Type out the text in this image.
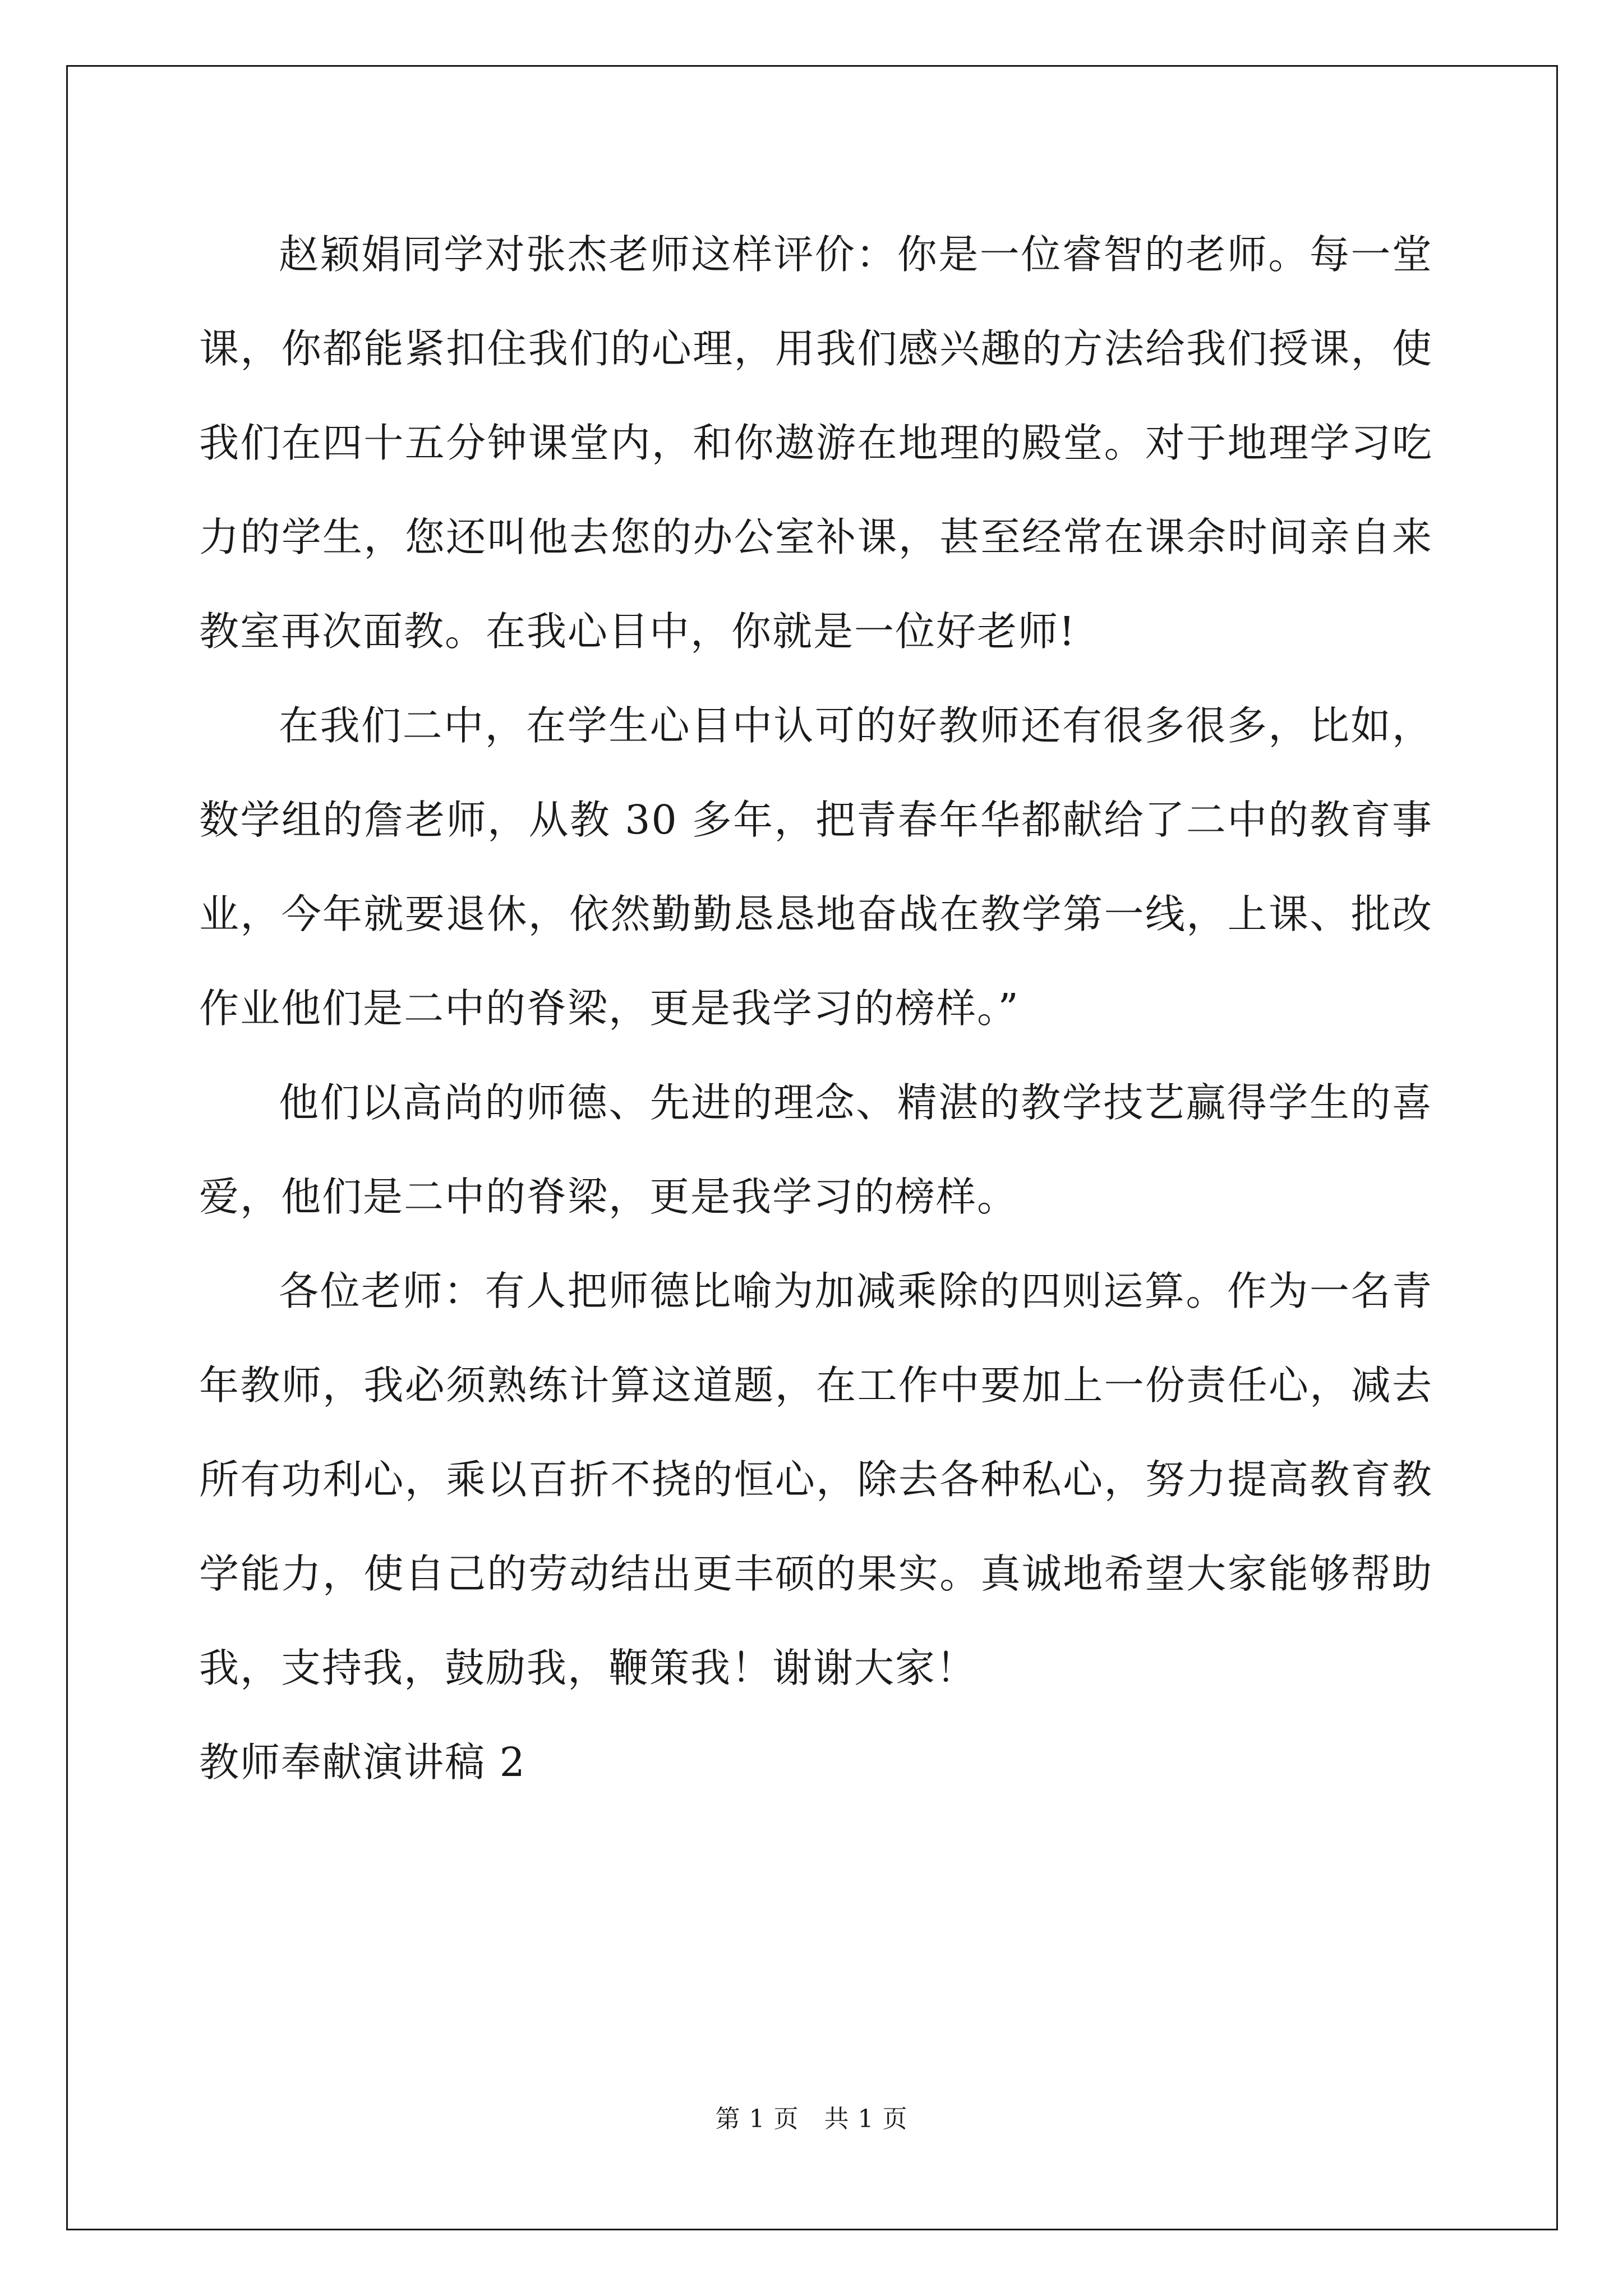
赵颖娟同学对张杰老师这样评价：你是一位睿智的老师。每一堂课，你都能紧扣住我们的心理，用我们感兴趣的方法给我们授课，使我们在四十五分钟课堂内，和你遨游在地理的殿堂。对于地理学习吃力的学生，您还叫他去您的办公室补课，甚至经常在课余时间亲自来教室再次面教。在我心目中，你就是一位好老师!

在我们二中，在学生心目中认可的好教师还有很多很多，比如，数学组的詹老师，从教 30 多年，把青春年华都献给了二中的教育事业，今年就要退休，依然勤勤恳恳地奋战在教学第一线，上课、批改作业他们是二中的脊梁，更是我学习的榜样。”

他们以高尚的师德、先进的理念、精湛的教学技艺赢得学生的喜爱，他们是二中的脊梁，更是我学习的榜样。

各位老师：有人把师德比喻为加减乘除的四则运算。作为一名青年教师，我必须熟练计算这道题，在工作中要加上一份责任心，减去所有功利心，乘以百折不挠的恒心，除去各种私心，努力提高教育教学能力，使自己的劳动结出更丰硕的果实。真诚地希望大家能够帮助我，支持我，鼓励我，鞭策我！谢谢大家！

教师奉献演讲稿 2

第 1 页　共 1 页
